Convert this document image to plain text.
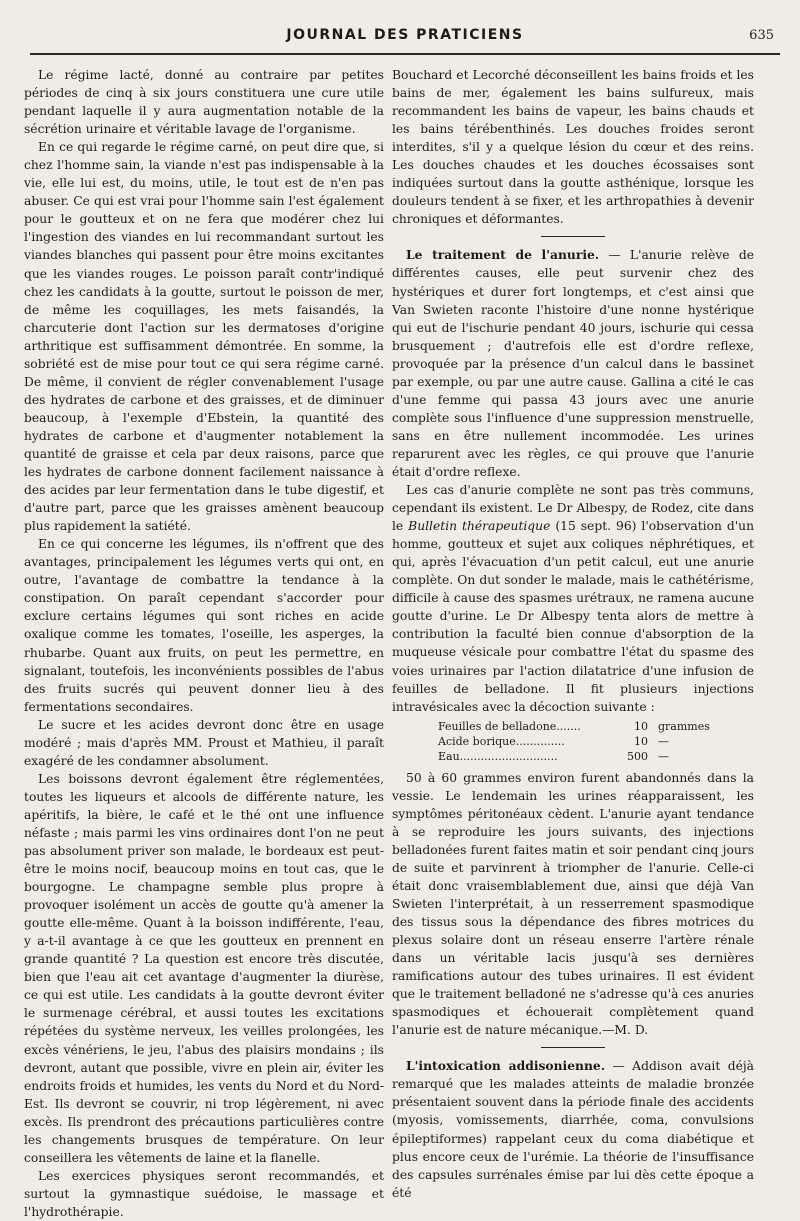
JOURNAL DES PRATICIENS	635

Le régime lacté, donné au contraire par petites périodes de cinq à six jours constituera une cure utile pendant laquelle il y aura augmentation notable de la sécrétion urinaire et véritable lavage de l'organisme.

En ce qui regarde le régime carné, on peut dire que, si chez l'homme sain, la viande n'est pas indispensable à la vie, elle lui est, du moins, utile, le tout est de n'en pas abuser. Ce qui est vrai pour l'homme sain l'est également pour le goutteux et on ne fera que modérer chez lui l'ingestion des viandes en lui recommandant surtout les viandes blanches qui passent pour être moins excitantes que les viandes rouges. Le poisson paraît contr'indiqué chez les candidats à la goutte, surtout le poisson de mer, de même les coquillages, les mets faisandés, la charcuterie dont l'action sur les dermatoses d'origine arthritique est suffisamment démontrée. En somme, la sobriété est de mise pour tout ce qui sera régime carné. De même, il convient de régler convenablement l'usage des hydrates de carbone et des graisses, et de diminuer beaucoup, à l'exemple d'Ebstein, la quantité des hydrates de carbone et d'augmenter notablement la quantité de graisse et cela par deux raisons, parce que les hydrates de carbone donnent facilement naissance à des acides par leur fermentation dans le tube digestif, et d'autre part, parce que les graisses amènent beaucoup plus rapidement la satiété.

En ce qui concerne les légumes, ils n'offrent que des avantages, principalement les légumes verts qui ont, en outre, l'avantage de combattre la tendance à la constipation. On paraît cependant s'accorder pour exclure certains légumes qui sont riches en acide oxalique comme les tomates, l'oseille, les asperges, la rhubarbe. Quant aux fruits, on peut les permettre, en signalant, toutefois, les inconvénients possibles de l'abus des fruits sucrés qui peuvent donner lieu à des fermentations secondaires.

Le sucre et les acides devront donc être en usage modéré ; mais d'après MM. Proust et Mathieu, il paraît exagéré de les condamner absolument.

Les boissons devront également être réglementées, toutes les liqueurs et alcools de différente nature, les apéritifs, la bière, le café et le thé ont une influence néfaste ; mais parmi les vins ordinaires dont l'on ne peut pas absolument priver son malade, le bordeaux est peut-être le moins nocif, beaucoup moins en tout cas, que le bourgogne. Le champagne semble plus propre à provoquer isolément un accès de goutte qu'à amener la goutte elle-même. Quant à la boisson indifférente, l'eau, y a-t-il avantage à ce que les goutteux en prennent en grande quantité ? La question est encore très discutée, bien que l'eau ait cet avantage d'augmenter la diurèse, ce qui est utile. Les candidats à la goutte devront éviter le surmenage cérébral, et aussi toutes les excitations répétées du système nerveux, les veilles prolongées, les excès vénériens, le jeu, l'abus des plaisirs mondains ; ils devront, autant que possible, vivre en plein air, éviter les endroits froids et humides, les vents du Nord et du Nord-Est. Ils devront se couvrir, ni trop légèrement, ni avec excès. Ils prendront des précautions particulières contre les changements brusques de température. On leur conseillera les vêtements de laine et la flanelle.

Les exercices physiques seront recommandés, et surtout la gymnastique suédoise, le massage et l'hydrothérapie.

Bouchard et Lecorché déconseillent les bains froids et les bains de mer, également les bains sulfureux, mais recommandent les bains de vapeur, les bains chauds et les bains térébenthinés. Les douches froides seront interdites, s'il y a quelque lésion du cœur et des reins. Les douches chaudes et les douches écossaises sont indiquées surtout dans la goutte asthénique, lorsque les douleurs tendent à se fixer, et les arthropathies à devenir chroniques et déformantes.

Le traitement de l'anurie. — L'anurie relève de différentes causes, elle peut survenir chez des hystériques et durer fort longtemps, et c'est ainsi que Van Swieten raconte l'histoire d'une nonne hystérique qui eut de l'ischurie pendant 40 jours, ischurie qui cessa brusquement ; d'autrefois elle est d'ordre reflexe, provoquée par la présence d'un calcul dans le bassinet par exemple, ou par une autre cause. Gallina a cité le cas d'une femme qui passa 43 jours avec une anurie complète sous l'influence d'une suppression menstruelle, sans en être nullement incommodée. Les urines reparurent avec les règles, ce qui prouve que l'anurie était d'ordre reflexe.

Les cas d'anurie complète ne sont pas très communs, cependant ils existent. Le Dr Albespy, de Rodez, cite dans le Bulletin thérapeutique (15 sept. 96) l'observation d'un homme, goutteux et sujet aux coliques néphrétiques, et qui, après l'évacuation d'un petit calcul, eut une anurie complète. On dut sonder le malade, mais le cathétérisme, difficile à cause des spasmes urétraux, ne ramena aucune goutte d'urine. Le Dr Albespy tenta alors de mettre à contribution la faculté bien connue d'absorption de la muqueuse vésicale pour combattre l'état du spasme des voies urinaires par l'action dilatatrice d'une infusion de feuilles de belladone. Il fit plusieurs injections intravésicales avec la décoction suivante :

Feuilles de belladone.......	10 grammes
Acide borique..............	10 —
Eau............................	500 —

50 à 60 grammes environ furent abandonnés dans la vessie. Le lendemain les urines réapparaissent, les symptômes péritonéaux cèdent. L'anurie ayant tendance à se reproduire les jours suivants, des injections belladonées furent faites matin et soir pendant cinq jours de suite et parvinrent à triompher de l'anurie. Celle-ci était donc vraisemblablement due, ainsi que déjà Van Swieten l'interprétait, à un resserrement spasmodique des tissus sous la dépendance des fibres motrices du plexus solaire dont un réseau enserre l'artère rénale dans un véritable lacis jusqu'à ses dernières ramifications autour des tubes urinaires. Il est évident que le traitement belladoné ne s'adresse qu'à ces anuries spasmodiques et échouerait complètement quand l'anurie est de nature mécanique.—M. D.

L'intoxication addisonienne. — Addison avait déjà remarqué que les malades atteints de maladie bronzée présentaient souvent dans la période finale des accidents (myosis, vomissements, diarrhée, coma, convulsions épileptiformes) rappelant ceux du coma diabétique et plus encore ceux de l'urémie. La théorie de l'insuffisance des capsules surrénales émise par lui dès cette époque a été
